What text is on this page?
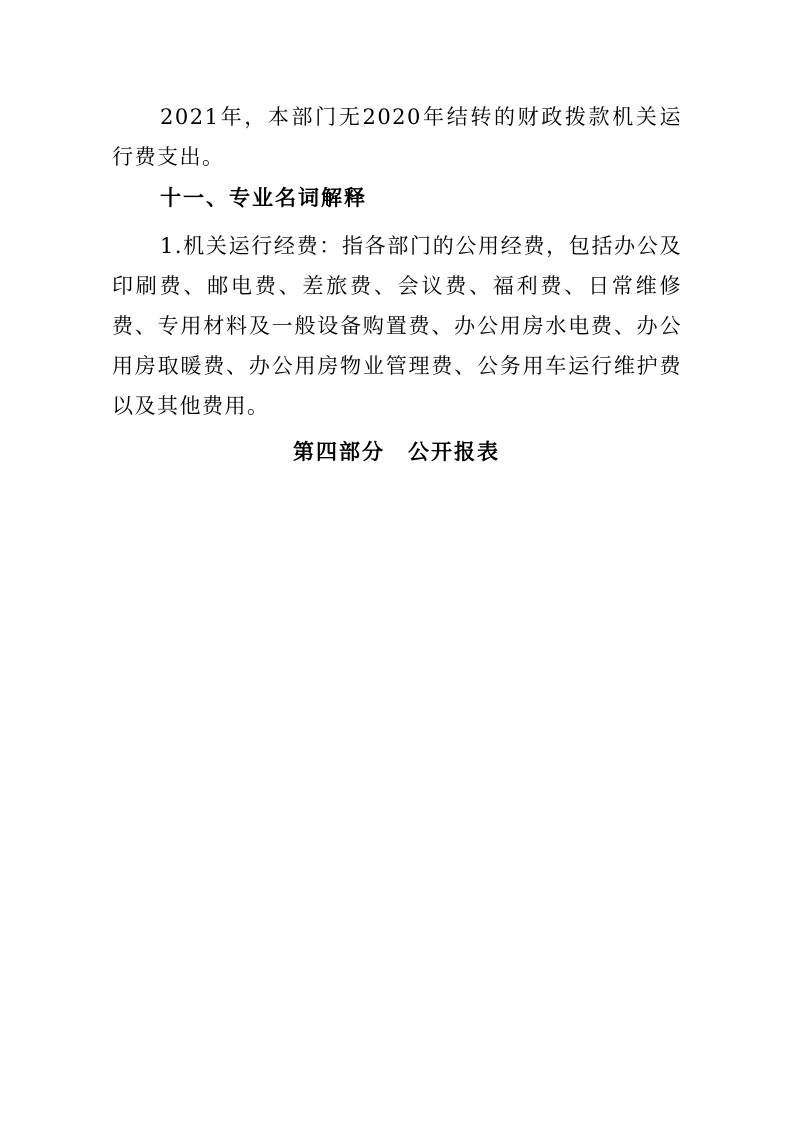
2021年，本部门无2020年结转的财政拨款机关运行费支出。

十一、专业名词解释

1.机关运行经费：指各部门的公用经费，包括办公及印刷费、邮电费、差旅费、会议费、福利费、日常维修费、专用材料及一般设备购置费、办公用房水电费、办公用房取暖费、办公用房物业管理费、公务用车运行维护费以及其他费用。

第四部分　公开报表
